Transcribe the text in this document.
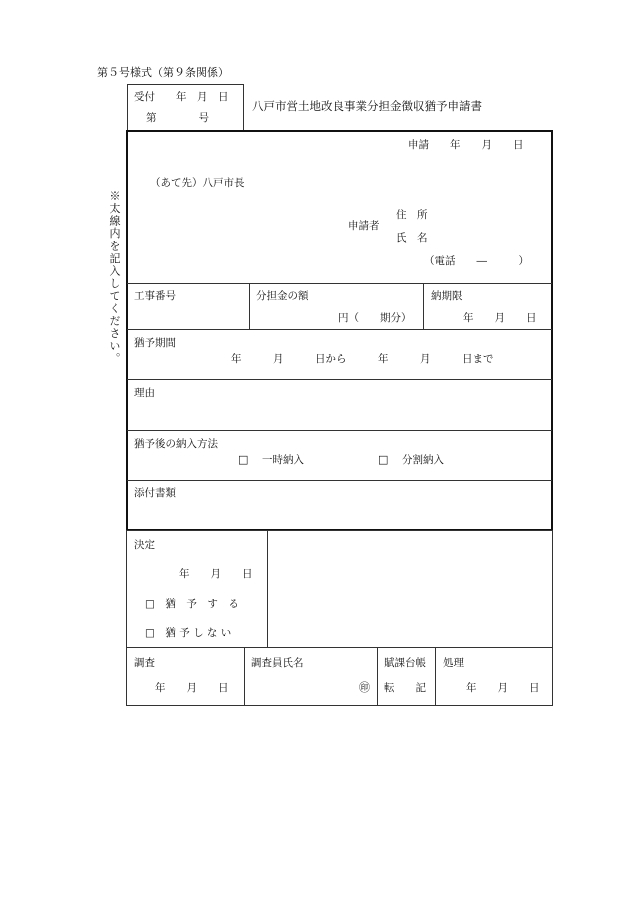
第５号様式（第９条関係）
受付　　年　月　日
第　　　　号
八戸市営土地改良事業分担金徴収猶予申請書
※太線内を記入してください。
申請　　年　　月　　日
（あて先）八戸市長
申請者
住　所
氏　名
（電話　　―　　　）
工事番号	分担金の額
円（　　期分）
納期限
年　　月　　日
猶予期間
年　　　月　　　日から　　　年　　　月　　　日まで
理由
猶予後の納入方法
□ 一時納入	□ 分割納入
添付書類
決定
年　　月　　日
□　猶　予　す　る
□　猶 予 し な い
調査
年　　月　　日
調査員氏名
㊞
賦課台帳
転　　記
処理
年　　月　　日
